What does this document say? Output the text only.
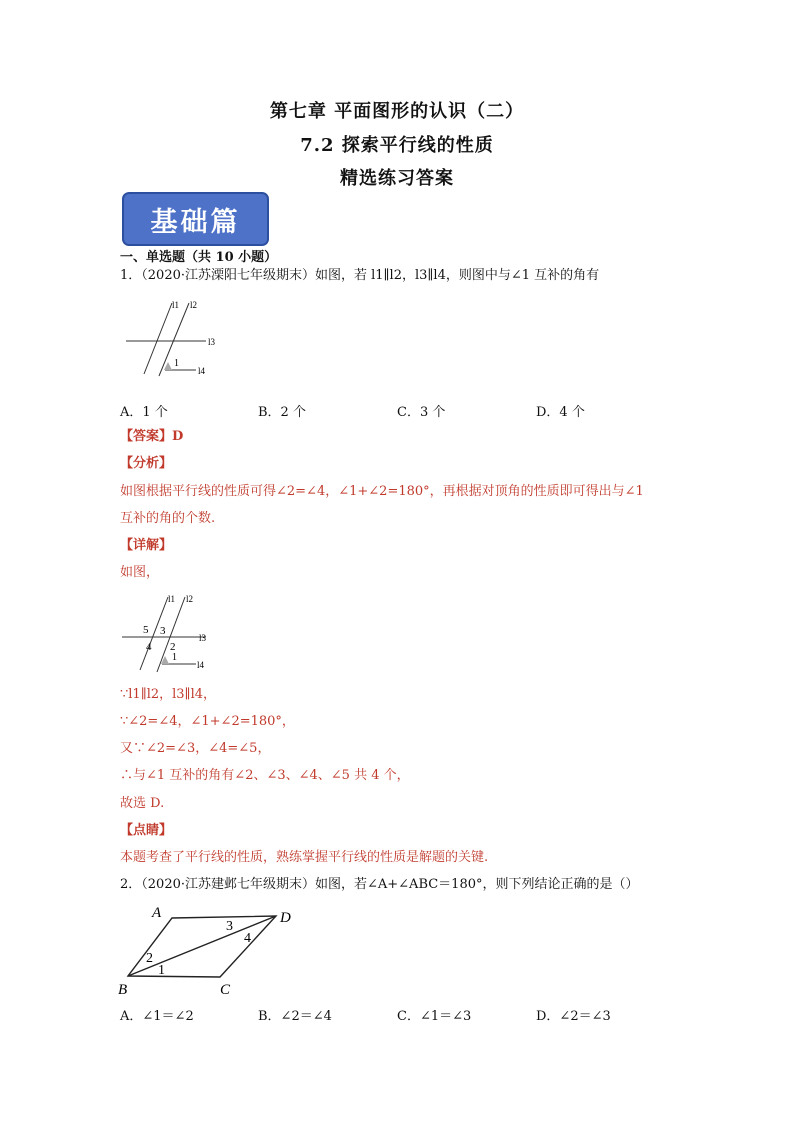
第七章 平面图形的认识（二）
7.2 探索平行线的性质
精选练习答案
基础篇
一、单选题（共 10 小题）
1．（2020·江苏溧阳七年级期末）如图，若 l1∥l2，l3∥l4，则图中与∠1 互补的角有
l1 l2
l3
l4
1
A．1 个	B．2 个	C．3 个	D．4 个
【答案】D
【分析】
如图根据平行线的性质可得∠2=∠4，∠1+∠2=180°，再根据对顶角的性质即可得出与∠1
互补的角的个数.
【详解】
如图，
l1 l2
l3
l4
5 3
4 2
1
∵l1∥l2，l3∥l4，
∵∠2=∠4，∠1+∠2=180°，
又∵∠2=∠3，∠4=∠5，
∴与∠1 互补的角有∠2、∠3、∠4、∠5 共 4 个，
故选 D.
【点睛】
本题考查了平行线的性质，熟练掌握平行线的性质是解题的关键.
2．（2020·江苏建邺七年级期末）如图，若∠A+∠ABC＝180°，则下列结论正确的是（）
A	D
B	C
2
1
3
4
A．∠1＝∠2	B．∠2＝∠4	C．∠1＝∠3	D．∠2＝∠3
